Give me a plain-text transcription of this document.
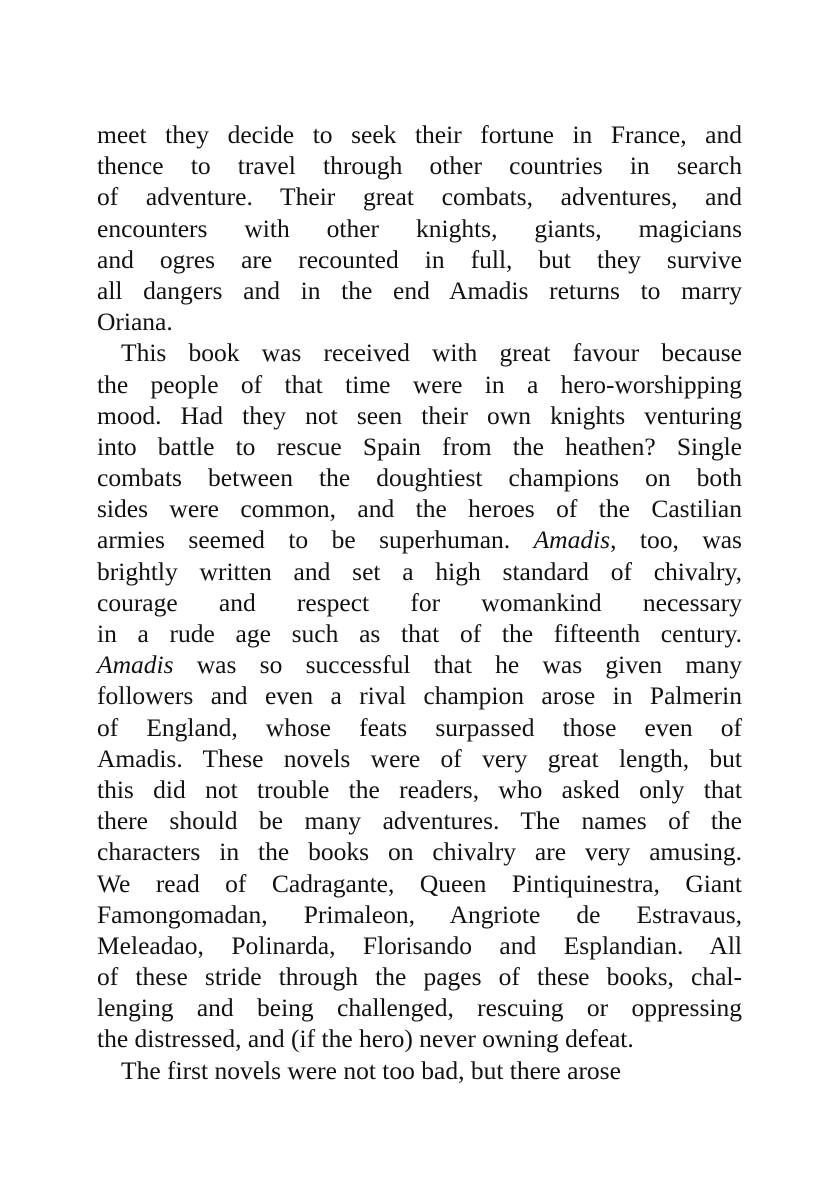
meet they decide to seek their fortune in France, and
thence to travel through other countries in search
of adventure. Their great combats, adventures, and
encounters with other knights, giants, magicians
and ogres are recounted in full, but they survive
all dangers and in the end Amadis returns to marry
Oriana.
This book was received with great favour because
the people of that time were in a hero-worshipping
mood. Had they not seen their own knights venturing
into battle to rescue Spain from the heathen? Single
combats between the doughtiest champions on both
sides were common, and the heroes of the Castilian
armies seemed to be superhuman. Amadis, too, was
brightly written and set a high standard of chivalry,
courage and respect for womankind necessary
in a rude age such as that of the fifteenth century.
Amadis was so successful that he was given many
followers and even a rival champion arose in Palmerin
of England, whose feats surpassed those even of
Amadis. These novels were of very great length, but
this did not trouble the readers, who asked only that
there should be many adventures. The names of the
characters in the books on chivalry are very amusing.
We read of Cadragante, Queen Pintiquinestra, Giant
Famongomadan, Primaleon, Angriote de Estravaus,
Meleadao, Polinarda, Florisando and Esplandian. All
of these stride through the pages of these books, chal-
lenging and being challenged, rescuing or oppressing
the distressed, and (if the hero) never owning defeat.
The first novels were not too bad, but there arose
